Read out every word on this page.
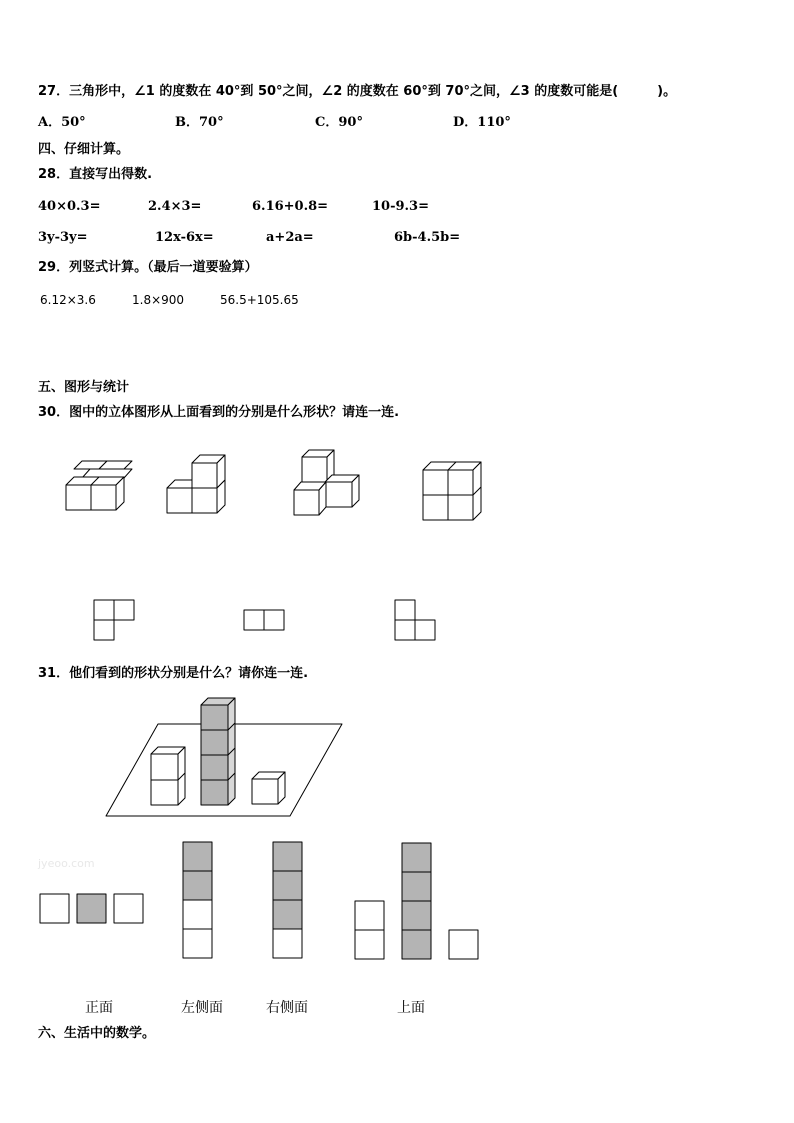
27．三角形中，∠1 的度数在 40°到 50°之间，∠2 的度数在 60°到 70°之间，∠3 的度数可能是(　　　)。
A．50°	B．70°	C．90°	D．110°
四、仔细计算。
28．直接写出得数.
40×0.3=	2.4×3=	6.16+0.8=	10-9.3=
3y-3y=	12x-6x=	a+2a=	6b-4.5b=
29．列竖式计算。（最后一道要验算）
6.12×3.6	1.8×900	56.5+105.65
五、图形与统计
30．图中的立体图形从上面看到的分别是什么形状？请连一连.
31．他们看到的形状分别是什么？请你连一连.
jyeoo.com
正面	左侧面	右侧面	上面
六、生活中的数学。
